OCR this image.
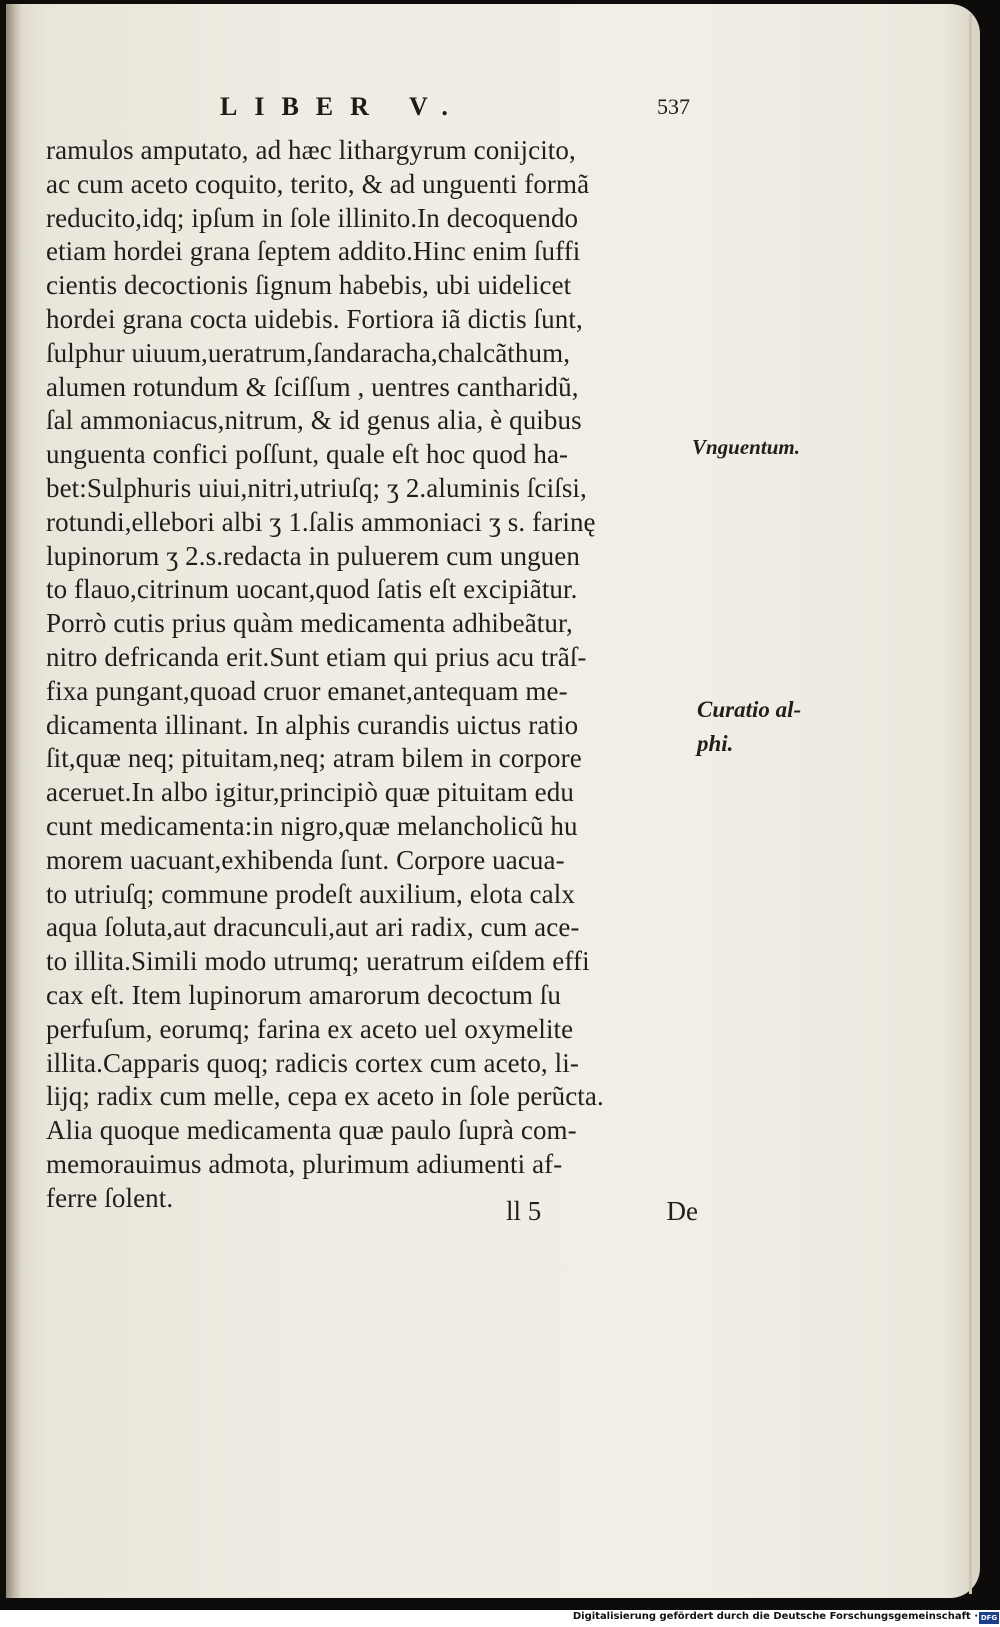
LIBER V.	537
ramulos amputato, ad hæc lithargyrum conijcito,
ac cum aceto coquito, terito, & ad unguenti formã
reducito,idq; ipſum in ſole illinito.In decoquendo
etiam hordei grana ſeptem addito.Hinc enim ſuffi
cientis decoctionis ſignum habebis, ubi uidelicet
hordei grana cocta uidebis. Fortiora iã dictis ſunt,
ſulphur uiuum,ueratrum,ſandaracha,chalcãthum,
alumen rotundum & ſciſſum , uentres cantharidũ,
ſal ammoniacus,nitrum, & id genus alia, è quibus
unguenta confici poſſunt, quale eſt hoc quod ha-
bet:Sulphuris uiui,nitri,utriuſq; ʒ 2.aluminis ſciſsi,
rotundi,ellebori albi ʒ 1.ſalis ammoniaci ʒ s. farinę
lupinorum ʒ 2.s.redacta in puluerem cum unguen
to flauo,citrinum uocant,quod ſatis eſt excipiãtur.
Porrò cutis prius quàm medicamenta adhibeãtur,
nitro defricanda erit.Sunt etiam qui prius acu trãſ-
fixa pungant,quoad cruor emanet,antequam me-
dicamenta illinant. In alphis curandis uictus ratio
ſit,quæ neq; pituitam,neq; atram bilem in corpore
aceruet.In albo igitur,principiò quæ pituitam edu
cunt medicamenta:in nigro,quæ melancholicũ hu
morem uacuant,exhibenda ſunt. Corpore uacua-
to utriuſq; commune prodeſt auxilium, elota calx
aqua ſoluta,aut dracunculi,aut ari radix, cum ace-
to illita.Simili modo utrumq; ueratrum eiſdem effi
cax eſt. Item lupinorum amarorum decoctum ſu
perfuſum, eorumq; farina ex aceto uel oxymelite
illita.Capparis quoq; radicis cortex cum aceto, li-
lijq; radix cum melle, cepa ex aceto in ſole perũcta.
Alia quoque medicamenta quæ paulo ſuprà com-
memorauimus admota, plurimum adiumenti af-
ferre ſolent.
Vnguentum.
Curatio al-
phi.
ll 5	De
Digitalisierung gefördert durch die Deutsche Forschungsgemeinschaft · DFG
